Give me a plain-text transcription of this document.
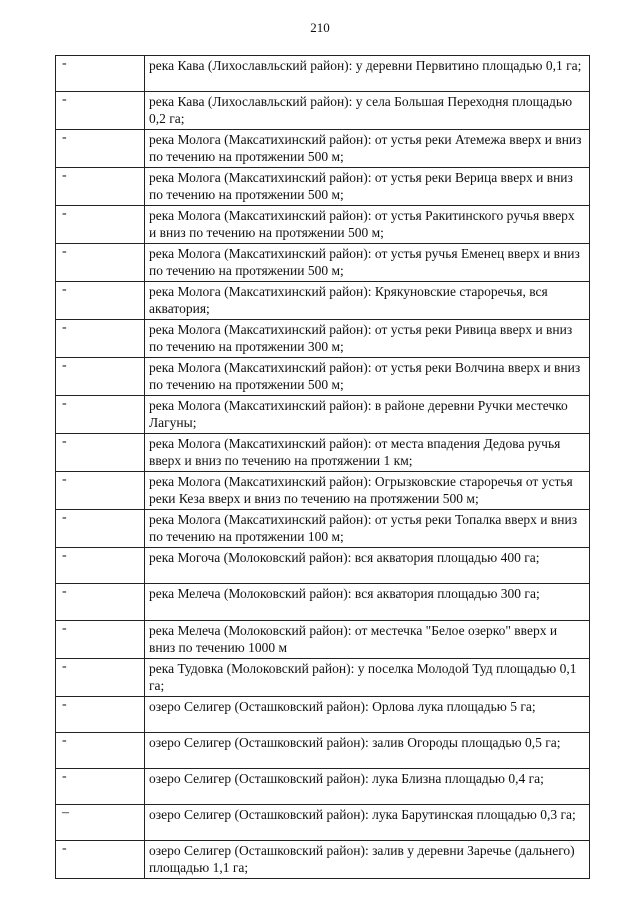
210
-	река Кава (Лихославльский район): у деревни Первитино площадью 0,1 га;
-	река Кава (Лихославльский район): у села Большая Переходня площадью 0,2 га;
-	река Молога (Максатихинский район): от устья реки Атемежа вверх и вниз по течению на протяжении 500 м;
-	река Молога (Максатихинский район): от устья реки Верица вверх и вниз по течению на протяжении 500 м;
-	река Молога (Максатихинский район): от устья Ракитинского ручья вверх и вниз по течению на протяжении 500 м;
-	река Молога (Максатихинский район): от устья ручья Еменец вверх и вниз по течению на протяжении 500 м;
-	река Молога (Максатихинский район): Крякуновские староречья, вся акватория;
-	река Молога (Максатихинский район): от устья реки Ривица вверх и вниз по течению на протяжении 300 м;
-	река Молога (Максатихинский район): от устья реки Волчина вверх и вниз по течению на протяжении 500 м;
-	река Молога (Максатихинский район): в районе деревни Ручки местечко Лагуны;
-	река Молога (Максатихинский район): от места впадения Дедова ручья вверх и вниз по течению на протяжении 1 км;
-	река Молога (Максатихинский район): Огрызковские староречья от устья реки Кеза вверх и вниз по течению на протяжении 500 м;
-	река Молога (Максатихинский район): от устья реки Топалка вверх и вниз по течению на протяжении 100 м;
-	река Могоча (Молоковский район): вся акватория площадью 400 га;
-	река Мелеча (Молоковский район): вся акватория площадью 300 га;
-	река Мелеча (Молоковский район): от местечка "Белое озерко" вверх и вниз по течению 1000 м
-	река Тудовка (Молоковский район): у поселка Молодой Туд площадью 0,1 га;
-	озеро Селигер (Осташковский район): Орлова лука площадью 5 га;
-	озеро Селигер (Осташковский район): залив Огороды площадью 0,5 га;
-	озеро Селигер (Осташковский район): лука Близна площадью 0,4 га;
–	озеро Селигер (Осташковский район): лука Барутинская площадью 0,3 га;
-	озеро Селигер (Осташковский район): залив у деревни Заречье (дальнего) площадью 1,1 га;
